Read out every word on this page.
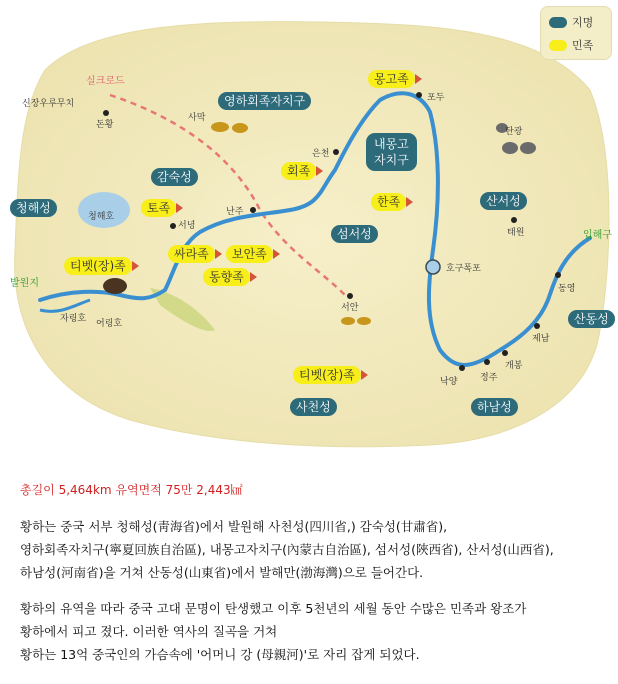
지명
민족
영하회족자치구
감숙성
청해성
내몽고
자치구
섬서성
산서성
산동성
사천성	하남성
몽고족
회족
토족	한족
싸라족	보안족
동향족
티벳(장)족
티벳(장)족
신장우루무치
돈황
사막
은천
포두
탄광
난주
서녕
청해호
태원
호구폭포
서안
동영
제남
개봉
낙양	정주
자링호 어링호
실크로드
발원지
입해구
총길이 5,464km 유역면적 75만 2,443㎢
황하는 중국 서부 청해성(靑海省)에서 발원해 사천성(四川省,) 감숙성(甘肅省),
영하회족자치구(寧夏回族自治區), 내몽고자치구(內蒙古自治區), 섬서성(陜西省), 산서성(山西省),
하남성(河南省)을 거쳐 산동성(山東省)에서 발해만(渤海灣)으로 들어간다.
황하의 유역을 따라 중국 고대 문명이 탄생했고 이후 5천년의 세월 동안 수많은 민족과 왕조가
황하에서 피고 졌다. 이러한 역사의 질곡을 거쳐
황하는 13억 중국인의 가슴속에 '어머니 강 (母親河)'로 자리 잡게 되었다.
